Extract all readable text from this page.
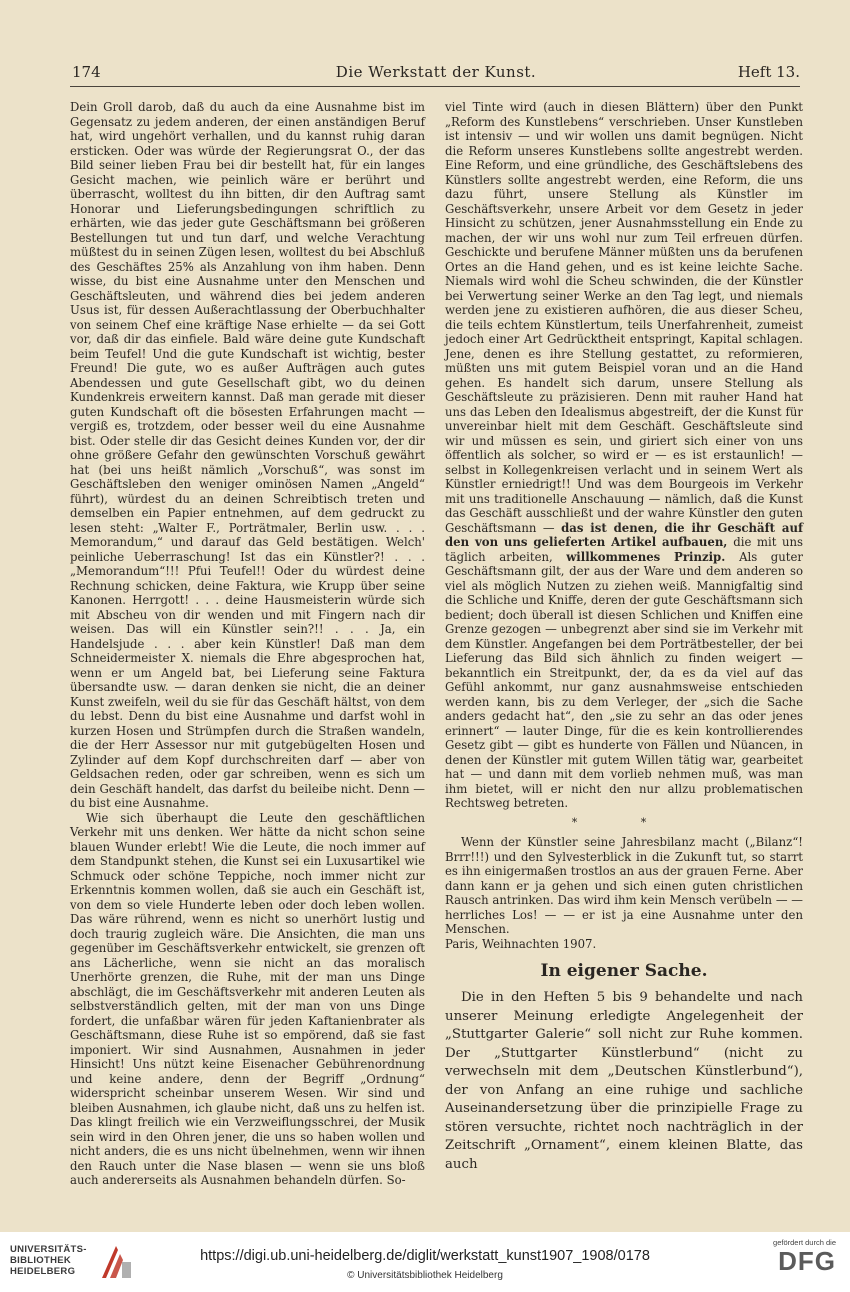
174	Die Werkstatt der Kunst.	Heft 13.

Dein Groll darob, daß du auch da eine Ausnahme bist im Gegensatz zu jedem anderen, der einen anständigen Beruf hat, wird ungehört verhallen, und du kannst ruhig daran ersticken. Oder was würde der Regierungsrat O., der das Bild seiner lieben Frau bei dir bestellt hat, für ein langes Gesicht machen, wie peinlich wäre er berührt und überrascht, wolltest du ihn bitten, dir den Auftrag samt Honorar und Lieferungsbedingungen schriftlich zu erhärten, wie das jeder gute Geschäftsmann bei größeren Bestellungen tut und tun darf, und welche Verachtung müßtest du in seinen Zügen lesen, wolltest du bei Abschluß des Geschäftes 25% als Anzahlung von ihm haben. Denn wisse, du bist eine Ausnahme unter den Menschen und Geschäftsleuten, und während dies bei jedem anderen Usus ist, für dessen Außerachtlassung der Oberbuchhalter von seinem Chef eine kräftige Nase erhielte — da sei Gott vor, daß dir das einfiele. Bald wäre deine gute Kundschaft beim Teufel! Und die gute Kundschaft ist wichtig, bester Freund! Die gute, wo es außer Aufträgen auch gutes Abendessen und gute Gesellschaft gibt, wo du deinen Kundenkreis erweitern kannst. Daß man gerade mit dieser guten Kundschaft oft die bösesten Erfahrungen macht — vergiß es, trotzdem, oder besser weil du eine Ausnahme bist. Oder stelle dir das Gesicht deines Kunden vor, der dir ohne größere Gefahr den gewünschten Vorschuß gewährt hat (bei uns heißt nämlich „Vorschuß“, was sonst im Geschäftsleben den weniger ominösen Namen „Angeld“ führt), würdest du an deinen Schreibtisch treten und demselben ein Papier entnehmen, auf dem gedruckt zu lesen steht: „Walter F., Porträtmaler, Berlin usw. . . . Memorandum,“ und darauf das Geld bestätigen. Welch' peinliche Ueberraschung! Ist das ein Künstler?! . . . „Memorandum“!!! Pfui Teufel!! Oder du würdest deine Rechnung schicken, deine Faktura, wie Krupp über seine Kanonen. Herrgott! . . . deine Hausmeisterin würde sich mit Abscheu von dir wenden und mit Fingern nach dir weisen. Das will ein Künstler sein?!! . . . Ja, ein Handelsjude . . . aber kein Künstler! Daß man dem Schneidermeister X. niemals die Ehre abgesprochen hat, wenn er um Angeld bat, bei Lieferung seine Faktura übersandte usw. — daran denken sie nicht, die an deiner Kunst zweifeln, weil du sie für das Geschäft hältst, von dem du lebst. Denn du bist eine Ausnahme und darfst wohl in kurzen Hosen und Strümpfen durch die Straßen wandeln, die der Herr Assessor nur mit gutgebügelten Hosen und Zylinder auf dem Kopf durchschreiten darf — aber von Geldsachen reden, oder gar schreiben, wenn es sich um dein Geschäft handelt, das darfst du beileibe nicht. Denn — du bist eine Ausnahme.

Wie sich überhaupt die Leute den geschäftlichen Verkehr mit uns denken. Wer hätte da nicht schon seine blauen Wunder erlebt! Wie die Leute, die noch immer auf dem Standpunkt stehen, die Kunst sei ein Luxusartikel wie Schmuck oder schöne Teppiche, noch immer nicht zur Erkenntnis kommen wollen, daß sie auch ein Geschäft ist, von dem so viele Hunderte leben oder doch leben wollen. Das wäre rührend, wenn es nicht so unerhört lustig und doch traurig zugleich wäre. Die Ansichten, die man uns gegenüber im Geschäftsverkehr entwickelt, sie grenzen oft ans Lächerliche, wenn sie nicht an das moralisch Unerhörte grenzen, die Ruhe, mit der man uns Dinge abschlägt, die im Geschäftsverkehr mit anderen Leuten als selbstverständlich gelten, mit der man von uns Dinge fordert, die unfaßbar wären für jeden Kaftanienbrater als Geschäftsmann, diese Ruhe ist so empörend, daß sie fast imponiert. Wir sind Ausnahmen, Ausnahmen in jeder Hinsicht! Uns nützt keine Eisenacher Gebührenordnung und keine andere, denn der Begriff „Ordnung“ widerspricht scheinbar unserem Wesen. Wir sind und bleiben Ausnahmen, ich glaube nicht, daß uns zu helfen ist. Das klingt freilich wie ein Verzweiflungsschrei, der Musik sein wird in den Ohren jener, die uns so haben wollen und nicht anders, die es uns nicht übelnehmen, wenn wir ihnen den Rauch unter die Nase blasen — wenn sie uns bloß auch andererseits als Ausnahmen behandeln dürfen. So-

viel Tinte wird (auch in diesen Blättern) über den Punkt „Reform des Kunstlebens“ verschrieben. Unser Kunstleben ist intensiv — und wir wollen uns damit begnügen. Nicht die Reform unseres Kunstlebens sollte angestrebt werden. Eine Reform, und eine gründliche, des Geschäftslebens des Künstlers sollte angestrebt werden, eine Reform, die uns dazu führt, unsere Stellung als Künstler im Geschäftsverkehr, unsere Arbeit vor dem Gesetz in jeder Hinsicht zu schützen, jener Ausnahmsstellung ein Ende zu machen, der wir uns wohl nur zum Teil erfreuen dürfen. Geschickte und berufene Männer müßten uns da berufenen Ortes an die Hand gehen, und es ist keine leichte Sache. Niemals wird wohl die Scheu schwinden, die der Künstler bei Verwertung seiner Werke an den Tag legt, und niemals werden jene zu existieren aufhören, die aus dieser Scheu, die teils echtem Künstlertum, teils Unerfahrenheit, zumeist jedoch einer Art Gedrücktheit entspringt, Kapital schlagen. Jene, denen es ihre Stellung gestattet, zu reformieren, müßten uns mit gutem Beispiel voran und an die Hand gehen. Es handelt sich darum, unsere Stellung als Geschäftsleute zu präzisieren. Denn mit rauher Hand hat uns das Leben den Idealismus abgestreift, der die Kunst für unvereinbar hielt mit dem Geschäft. Geschäftsleute sind wir und müssen es sein, und giriert sich einer von uns öffentlich als solcher, so wird er — es ist erstaunlich! — selbst in Kollegenkreisen verlacht und in seinem Wert als Künstler erniedrigt!! Und was dem Bourgeois im Verkehr mit uns traditionelle Anschauung — nämlich, daß die Kunst das Geschäft ausschließt und der wahre Künstler den guten Geschäftsmann — das ist denen, die ihr Geschäft auf den von uns gelieferten Artikel aufbauen, die mit uns täglich arbeiten, willkommenes Prinzip. Als guter Geschäftsmann gilt, der aus der Ware und dem anderen so viel als möglich Nutzen zu ziehen weiß. Mannigfaltig sind die Schliche und Kniffe, deren der gute Geschäftsmann sich bedient; doch überall ist diesen Schlichen und Kniffen eine Grenze gezogen — unbegrenzt aber sind sie im Verkehr mit dem Künstler. Angefangen bei dem Porträtbesteller, der bei Lieferung das Bild sich ähnlich zu finden weigert — bekanntlich ein Streitpunkt, der, da es da viel auf das Gefühl ankommt, nur ganz ausnahmsweise entschieden werden kann, bis zu dem Verleger, der „sich die Sache anders gedacht hat“, den „sie zu sehr an das oder jenes erinnert“ — lauter Dinge, für die es kein kontrollierendes Gesetz gibt — gibt es hunderte von Fällen und Nüancen, in denen der Künstler mit gutem Willen tätig war, gearbeitet hat — und dann mit dem vorlieb nehmen muß, was man ihm bietet, will er nicht den nur allzu problematischen Rechtsweg betreten.

* *

Wenn der Künstler seine Jahresbilanz macht („Bilanz“! Brrr!!!) und den Sylvesterblick in die Zukunft tut, so starrt es ihn einigermaßen trostlos an aus der grauen Ferne. Aber dann kann er ja gehen und sich einen guten christlichen Rausch antrinken. Das wird ihm kein Mensch verübeln — — herrliches Los! — — er ist ja eine Ausnahme unter den Menschen.

Paris, Weihnachten 1907.

In eigener Sache.

Die in den Heften 5 bis 9 behandelte und nach unserer Meinung erledigte Angelegenheit der „Stuttgarter Galerie“ soll nicht zur Ruhe kommen. Der „Stuttgarter Künstlerbund“ (nicht zu verwechseln mit dem „Deutschen Künstlerbund“), der von Anfang an eine ruhige und sachliche Auseinandersetzung über die prinzipielle Frage zu stören versuchte, richtet noch nachträglich in der Zeitschrift „Ornament“, einem kleinen Blatte, das auch

UNIVERSITÄTS-
BIBLIOTHEK
HEIDELBERG
https://digi.ub.uni-heidelberg.de/diglit/werkstatt_kunst1907_1908/0178
© Universitätsbibliothek Heidelberg
gefördert durch die
DFG
